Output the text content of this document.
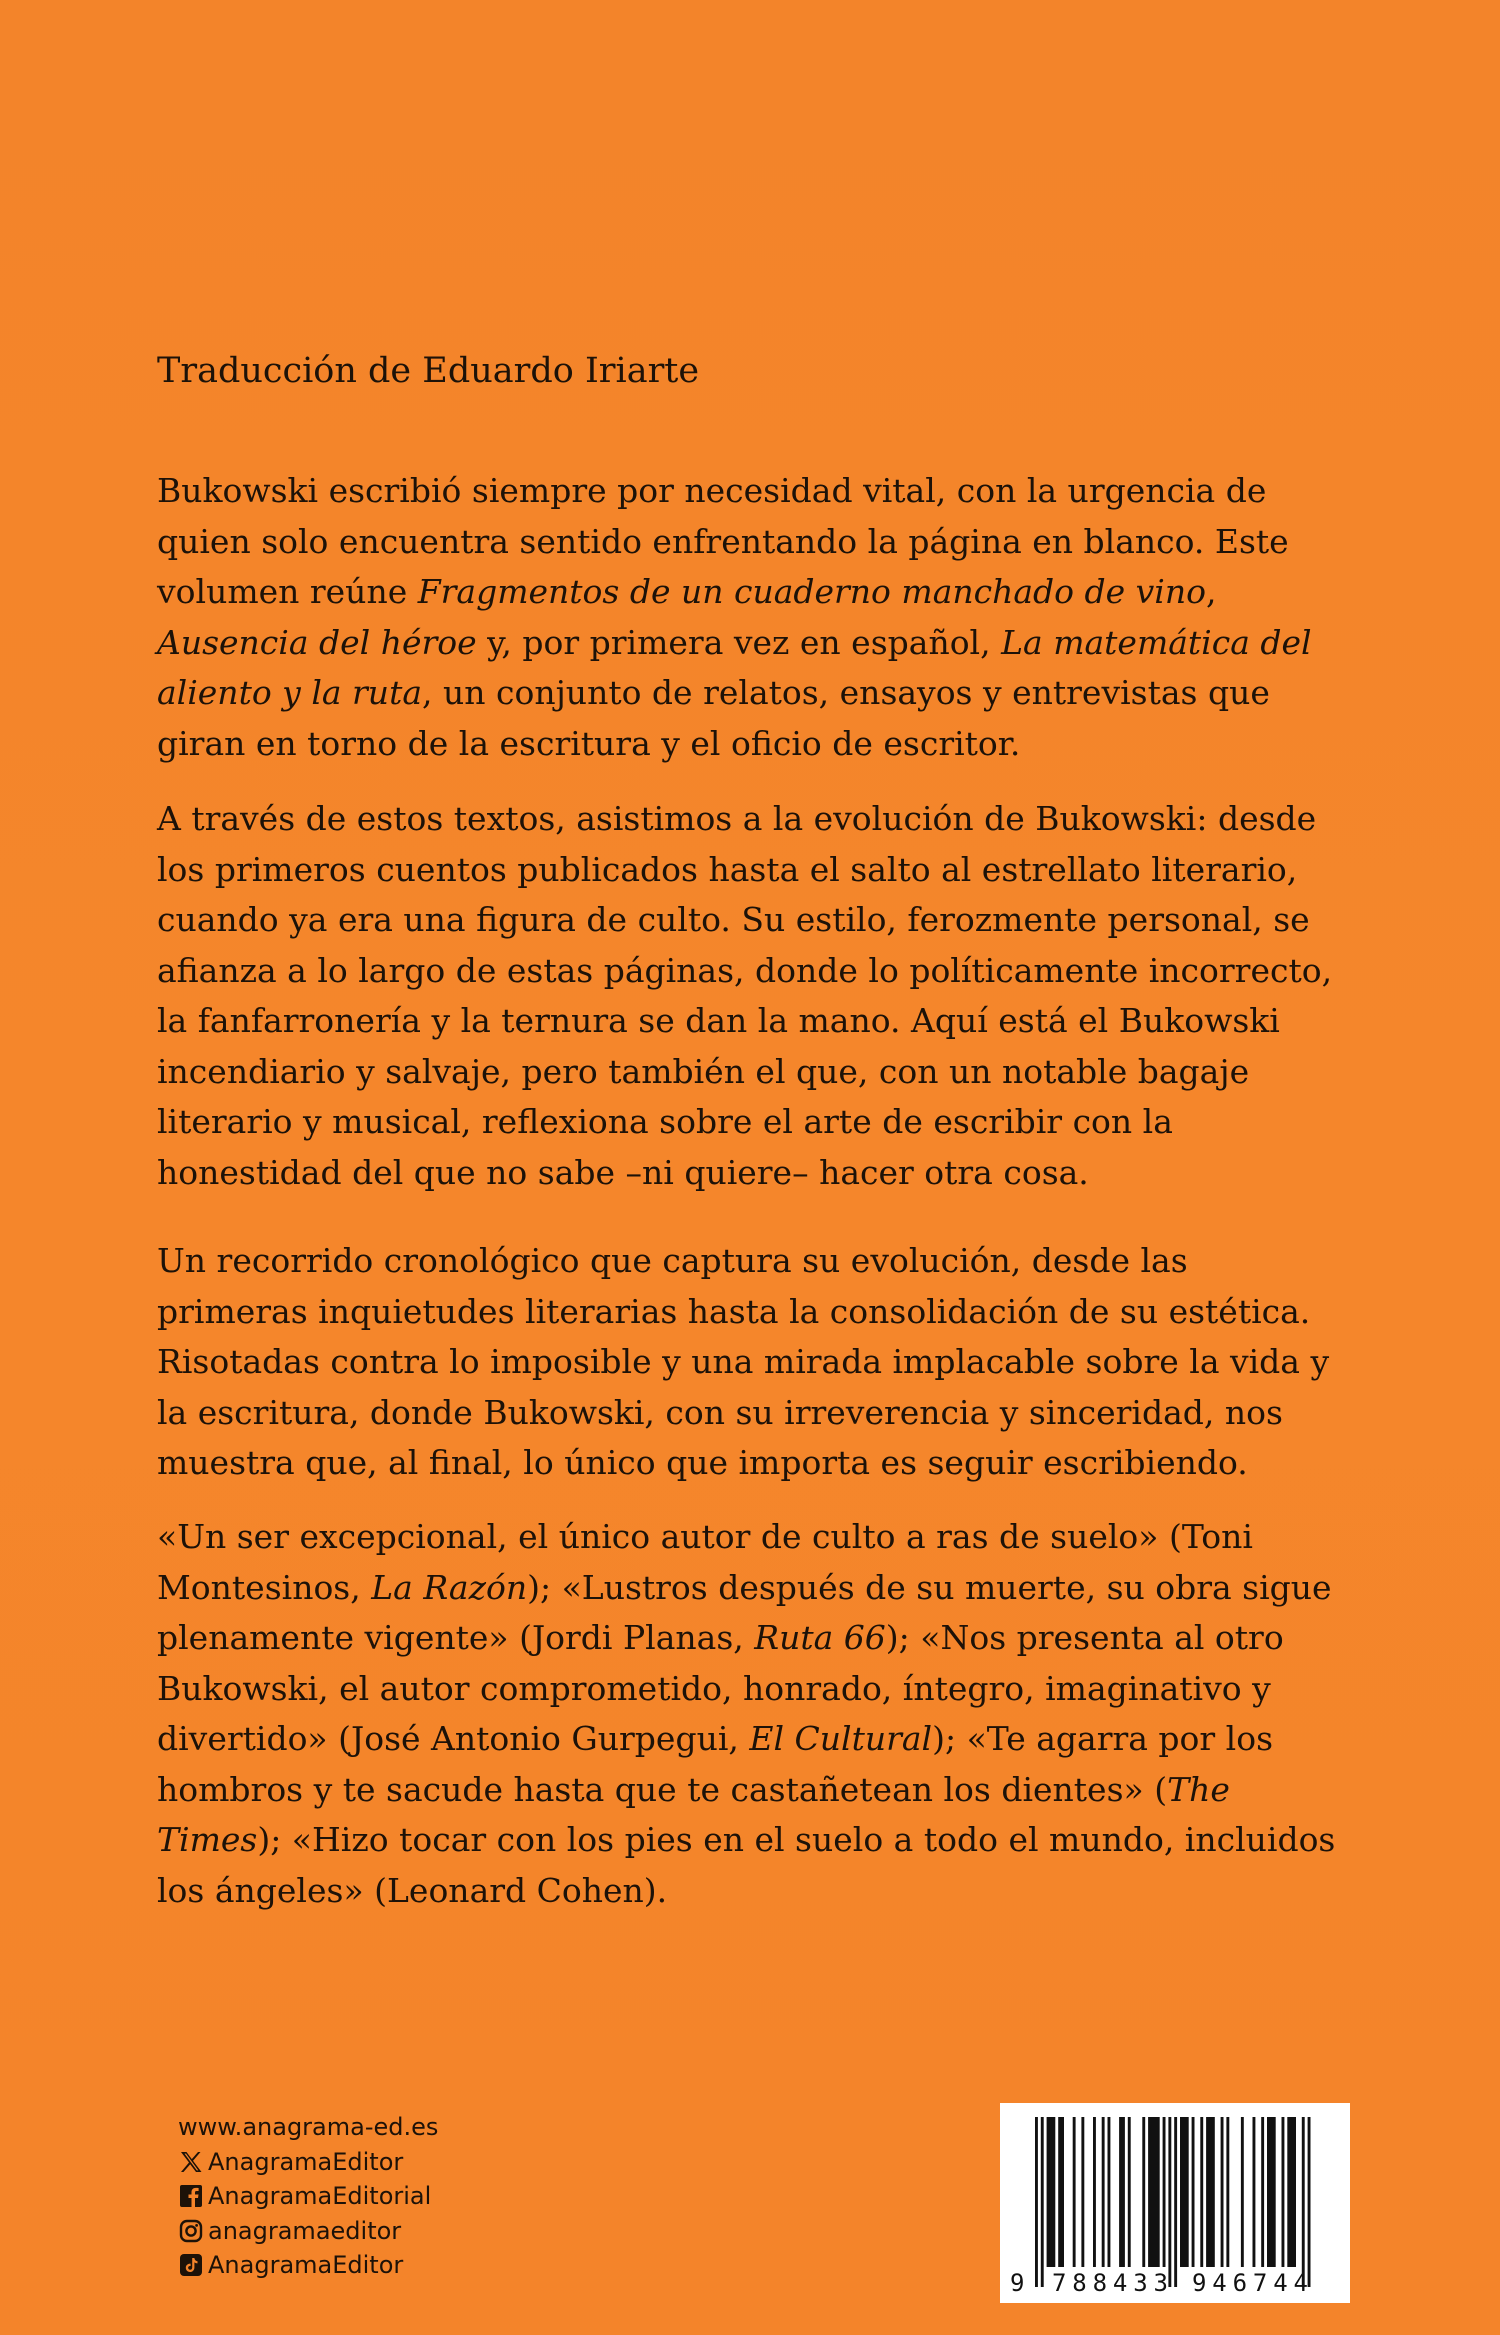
Traducción de Eduardo Iriarte

Bukowski escribió siempre por necesidad vital, con la urgencia de quien solo encuentra sentido enfrentando la página en blanco. Este volumen reúne Fragmentos de un cuaderno manchado de vino, Ausencia del héroe y, por primera vez en español, La matemática del aliento y la ruta, un conjunto de relatos, ensayos y entrevistas que giran en torno de la escritura y el oficio de escritor.

A través de estos textos, asistimos a la evolución de Bukowski: desde los primeros cuentos publicados hasta el salto al estrellato literario, cuando ya era una figura de culto. Su estilo, ferozmente personal, se afianza a lo largo de estas páginas, donde lo políticamente incorrecto, la fanfarronería y la ternura se dan la mano. Aquí está el Bukowski incendiario y salvaje, pero también el que, con un notable bagaje literario y musical, reflexiona sobre el arte de escribir con la honestidad del que no sabe –ni quiere– hacer otra cosa.

Un recorrido cronológico que captura su evolución, desde las primeras inquietudes literarias hasta la consolidación de su estética. Risotadas contra lo imposible y una mirada implacable sobre la vida y la escritura, donde Bukowski, con su irreverencia y sinceridad, nos muestra que, al final, lo único que importa es seguir escribiendo.

«Un ser excepcional, el único autor de culto a ras de suelo» (Toni Montesinos, La Razón); «Lustros después de su muerte, su obra sigue plenamente vigente» (Jordi Planas, Ruta 66); «Nos presenta al otro Bukowski, el autor comprometido, honrado, íntegro, imaginativo y divertido» (José Antonio Gurpegui, El Cultural); «Te agarra por los hombros y te sacude hasta que te castañetean los dientes» (The Times); «Hizo tocar con los pies en el suelo a todo el mundo, incluidos los ángeles» (Leonard Cohen).

www.anagrama-ed.es
AnagramaEditor
AnagramaEditorial
anagramaeditor
AnagramaEditor
9 788433 946744
